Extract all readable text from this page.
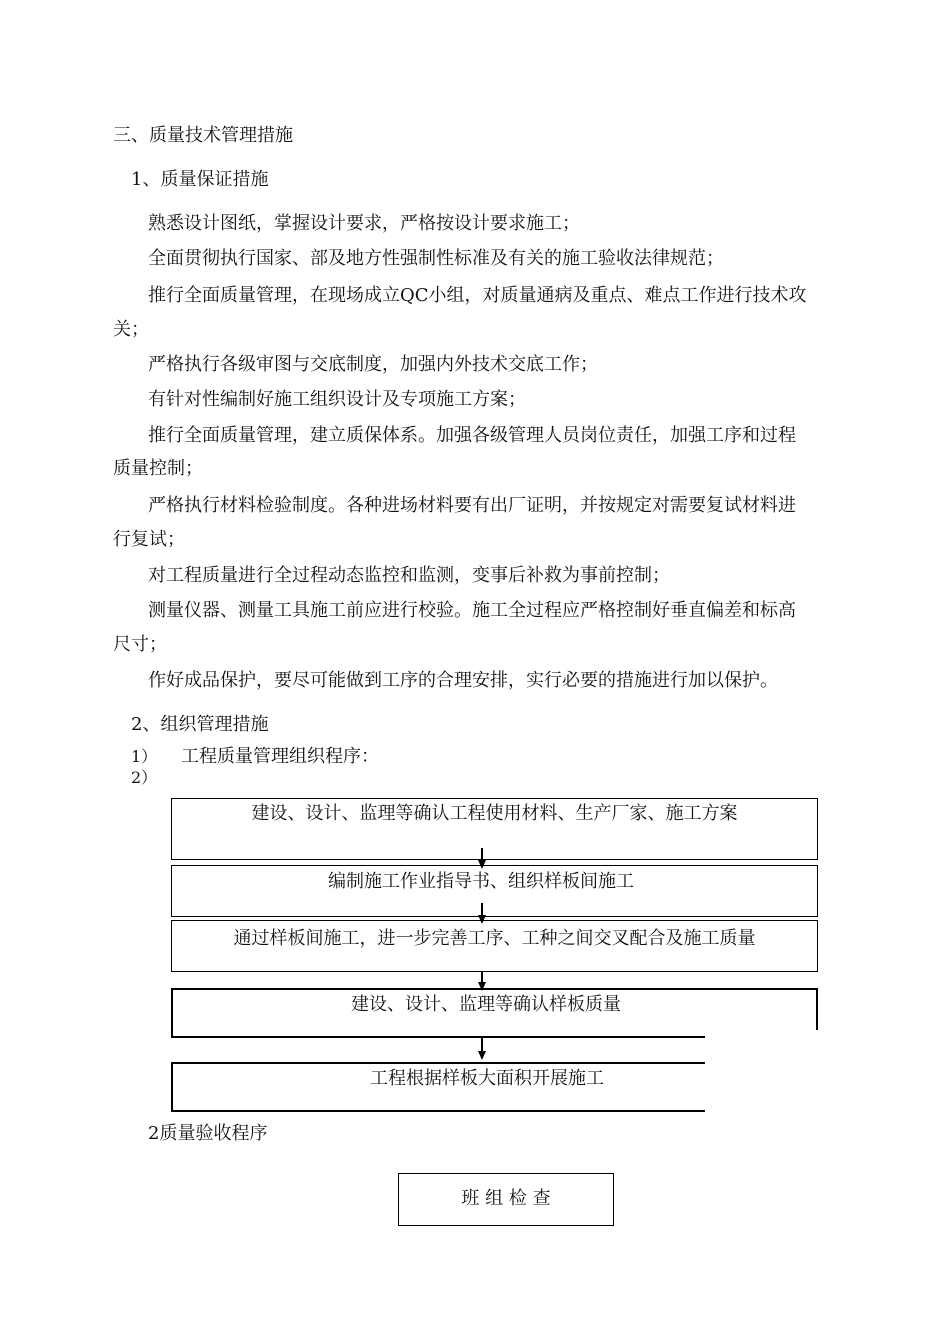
三、质量技术管理措施
1、质量保证措施
熟悉设计图纸，掌握设计要求，严格按设计要求施工；
全面贯彻执行国家、部及地方性强制性标准及有关的施工验收法律规范；
推行全面质量管理，在现场成立QC小组，对质量通病及重点、难点工作进行技术攻
关；
严格执行各级审图与交底制度，加强内外技术交底工作；
有针对性编制好施工组织设计及专项施工方案；
推行全面质量管理，建立质保体系。加强各级管理人员岗位责任，加强工序和过程
质量控制；
严格执行材料检验制度。各种进场材料要有出厂证明，并按规定对需要复试材料进
行复试；
对工程质量进行全过程动态监控和监测，变事后补救为事前控制；
测量仪器、测量工具施工前应进行校验。施工全过程应严格控制好垂直偏差和标高
尺寸；
作好成品保护，要尽可能做到工序的合理安排，实行必要的措施进行加以保护。
2、组织管理措施
1） 工程质量管理组织程序：
2）
建设、设计、监理等确认工程使用材料、生产厂家、施工方案
编制施工作业指导书、组织样板间施工
通过样板间施工，进一步完善工序、工种之间交叉配合及施工质量
建设、设计、监理等确认样板质量
工程根据样板大面积开展施工
2质量验收程序
班 组 检 查
